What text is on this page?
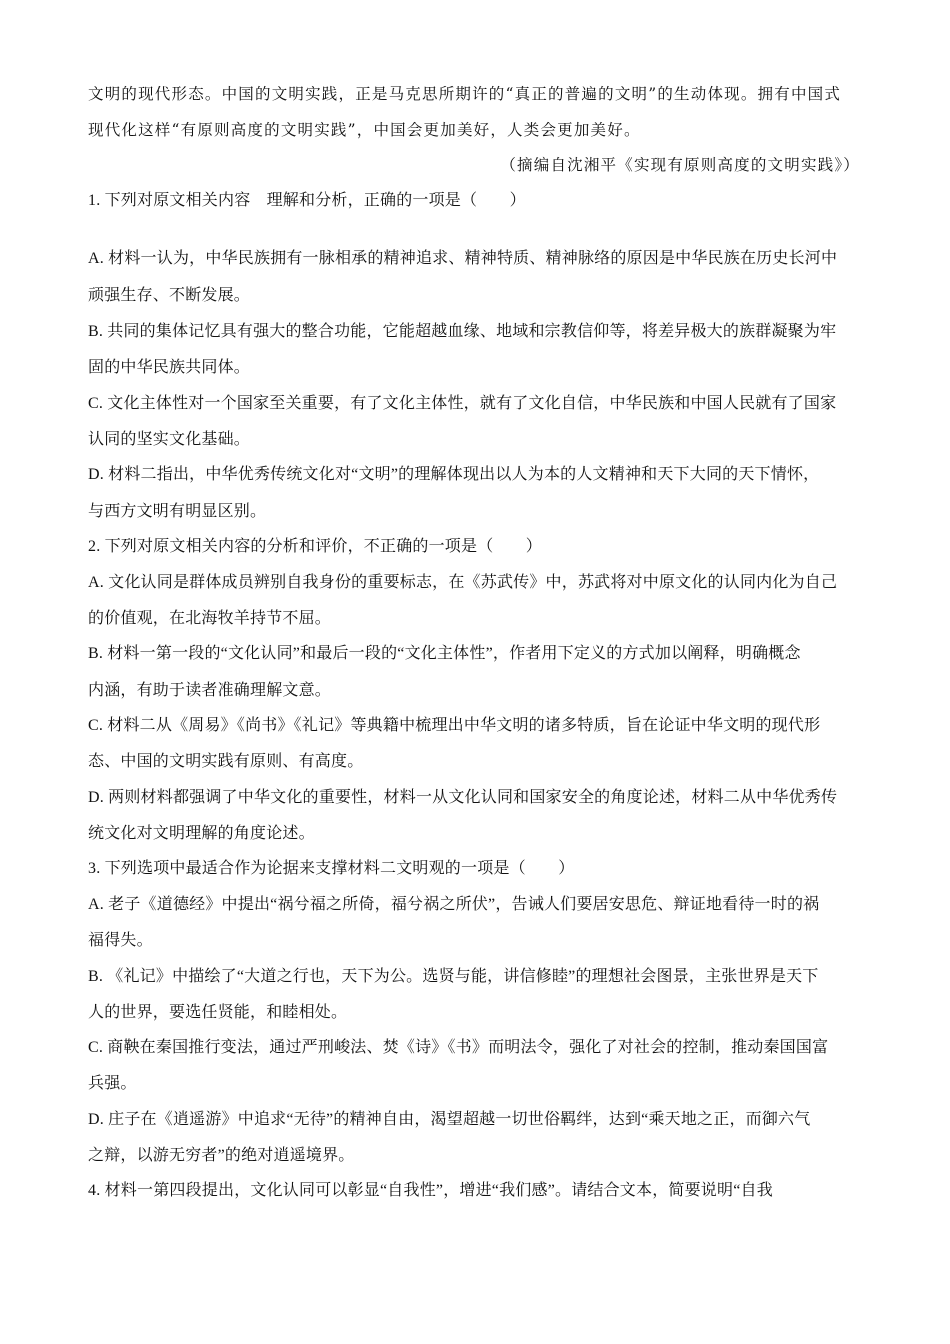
文明的现代形态。中国的文明实践，正是马克思所期许的“真正的普遍的文明”的生动体现。拥有中国式
现代化这样“有原则高度的文明实践”，中国会更加美好，人类会更加美好。
（摘编自沈湘平《实现有原则高度的文明实践》）
1. 下列对原文相关内容　理解和分析，正确的一项是（　　）
A. 材料一认为，中华民族拥有一脉相承的精神追求、精神特质、精神脉络的原因是中华民族在历史长河中
顽强生存、不断发展。
B. 共同的集体记忆具有强大的整合功能，它能超越血缘、地域和宗教信仰等，将差异极大的族群凝聚为牢
固的中华民族共同体。
C. 文化主体性对一个国家至关重要，有了文化主体性，就有了文化自信，中华民族和中国人民就有了国家
认同的坚实文化基础。
D. 材料二指出，中华优秀传统文化对“文明”的理解体现出以人为本的人文精神和天下大同的天下情怀，
与西方文明有明显区别。
2. 下列对原文相关内容的分析和评价，不正确的一项是（　　）
A. 文化认同是群体成员辨别自我身份的重要标志，在《苏武传》中，苏武将对中原文化的认同内化为自己
的价值观，在北海牧羊持节不屈。
B. 材料一第一段的“文化认同”和最后一段的“文化主体性”，作者用下定义的方式加以阐释，明确概念
内涵，有助于读者准确理解文意。
C. 材料二从《周易》《尚书》《礼记》等典籍中梳理出中华文明的诸多特质，旨在论证中华文明的现代形
态、中国的文明实践有原则、有高度。
D. 两则材料都强调了中华文化的重要性，材料一从文化认同和国家安全的角度论述，材料二从中华优秀传
统文化对文明理解的角度论述。
3. 下列选项中最适合作为论据来支撑材料二文明观的一项是（　　）
A. 老子《道德经》中提出“祸兮福之所倚，福兮祸之所伏”，告诫人们要居安思危、辩证地看待一时的祸
福得失。
B. 《礼记》中描绘了“大道之行也，天下为公。选贤与能，讲信修睦”的理想社会图景，主张世界是天下
人的世界，要选任贤能，和睦相处。
C. 商鞅在秦国推行变法，通过严刑峻法、焚《诗》《书》而明法令，强化了对社会的控制，推动秦国国富
兵强。
D. 庄子在《逍遥游》中追求“无待”的精神自由，渴望超越一切世俗羁绊，达到“乘天地之正，而御六气
之辩，以游无穷者”的绝对逍遥境界。
4. 材料一第四段提出，文化认同可以彰显“自我性”，增进“我们感”。请结合文本，简要说明“自我
